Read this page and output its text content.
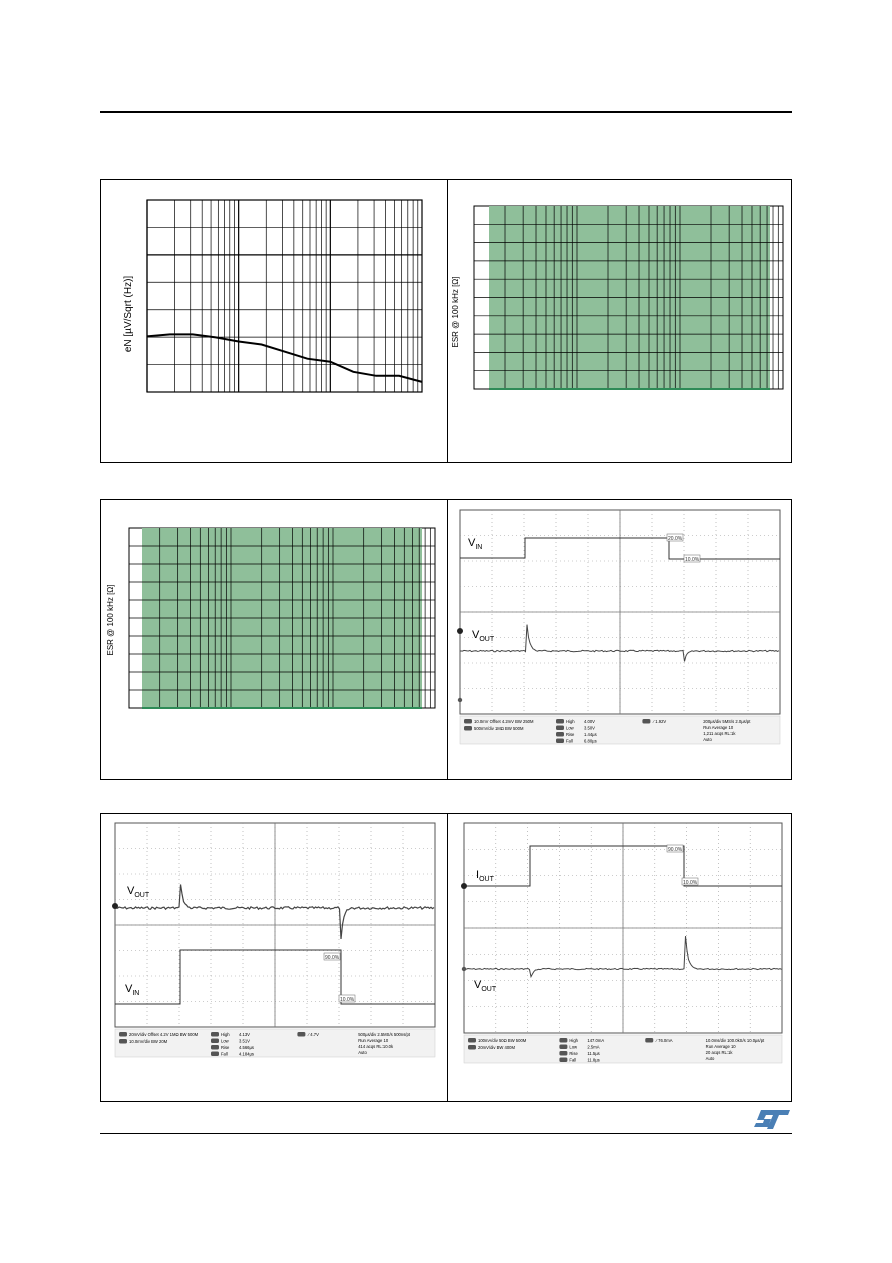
eN [µV/Sqrt (Hz)]	ESR @ 100 kHz [Ω]
ESR @ 100 kHz [Ω]
$V_{IN}$
$V_{OUT}$
20.0%
10.0%
10.0mV Offset 4.2mV BW 250M
500mV/div 1MΩ BW 500M
High 4.00V
Low 3.50V
Rise 1.44µs
Fall	6.80µs
⁄ 1.92V	200µs/div 5MS/s 2.0µs/pt
Run Average 10
1,211 acqs RL:1k
Auto
$V_{OUT}$
$V_{IN}$
90.0%
10.0%
20mV/div Offset 4.2V 1MΩ BW 500M
10.0mV/div BW 20M
High 4.13V
Low 3.51V
Rise 4.566µs
Fall	4.184µs
⁄ 4.7V	500µs/div 2.5MS/s 500ns/pt
Run Average 10
414 acqs RL:10.0k
Auto
$I_{OUT}$
$V_{OUT}$
90.0%
10.0%
100mA/div 50Ω BW 500M
20mV/div BW 400M
High 147.0mA
Low 2.5mA
Rise 11.5µs
Fall	11.8µs
⁄ 76.0mA	10.0ms/div 100.0kS/s 10.0µs/pt
Run Average 10
20 acqs RL:1k
Auto
